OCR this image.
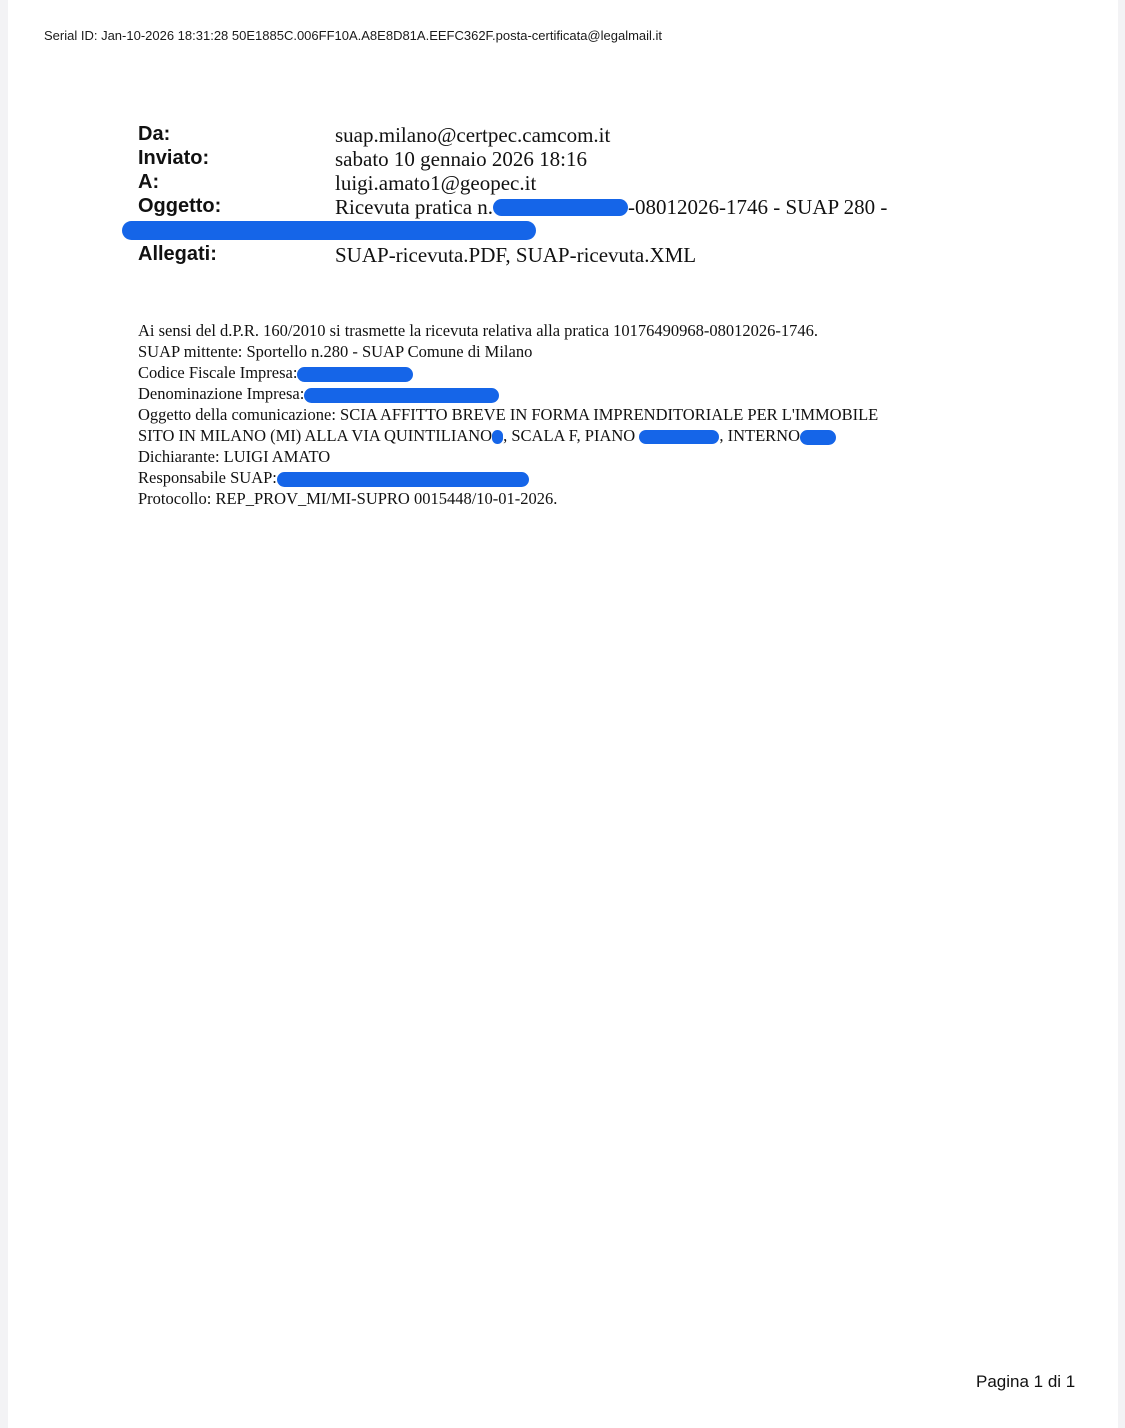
Serial ID: Jan-10-2026 18:31:28 50E1885C.006FF10A.A8E8D81A.EEFC362F.posta-certificata@legalmail.it
Da:	suap.milano@certpec.camcom.it
Inviato:	sabato 10 gennaio 2026 18:16
A:	luigi.amato1@geopec.it
Oggetto:	Ricevuta pratica n.	-08012026-1746 - SUAP 280 -
Allegati:	SUAP-ricevuta.PDF, SUAP-ricevuta.XML
Ai sensi del d.P.R. 160/2010 si trasmette la ricevuta relativa alla pratica 10176490968-08012026-1746.
SUAP mittente: Sportello n.280 - SUAP Comune di Milano
Codice Fiscale Impresa:
Denominazione Impresa:
Oggetto della comunicazione: SCIA AFFITTO BREVE IN FORMA IMPRENDITORIALE PER L'IMMOBILE
SITO IN MILANO (MI) ALLA VIA QUINTILIANO , SCALA F, PIANO	, INTERNO
Dichiarante: LUIGI AMATO
Responsabile SUAP:
Protocollo: REP_PROV_MI/MI-SUPRO 0015448/10-01-2026.
Pagina 1 di 1
